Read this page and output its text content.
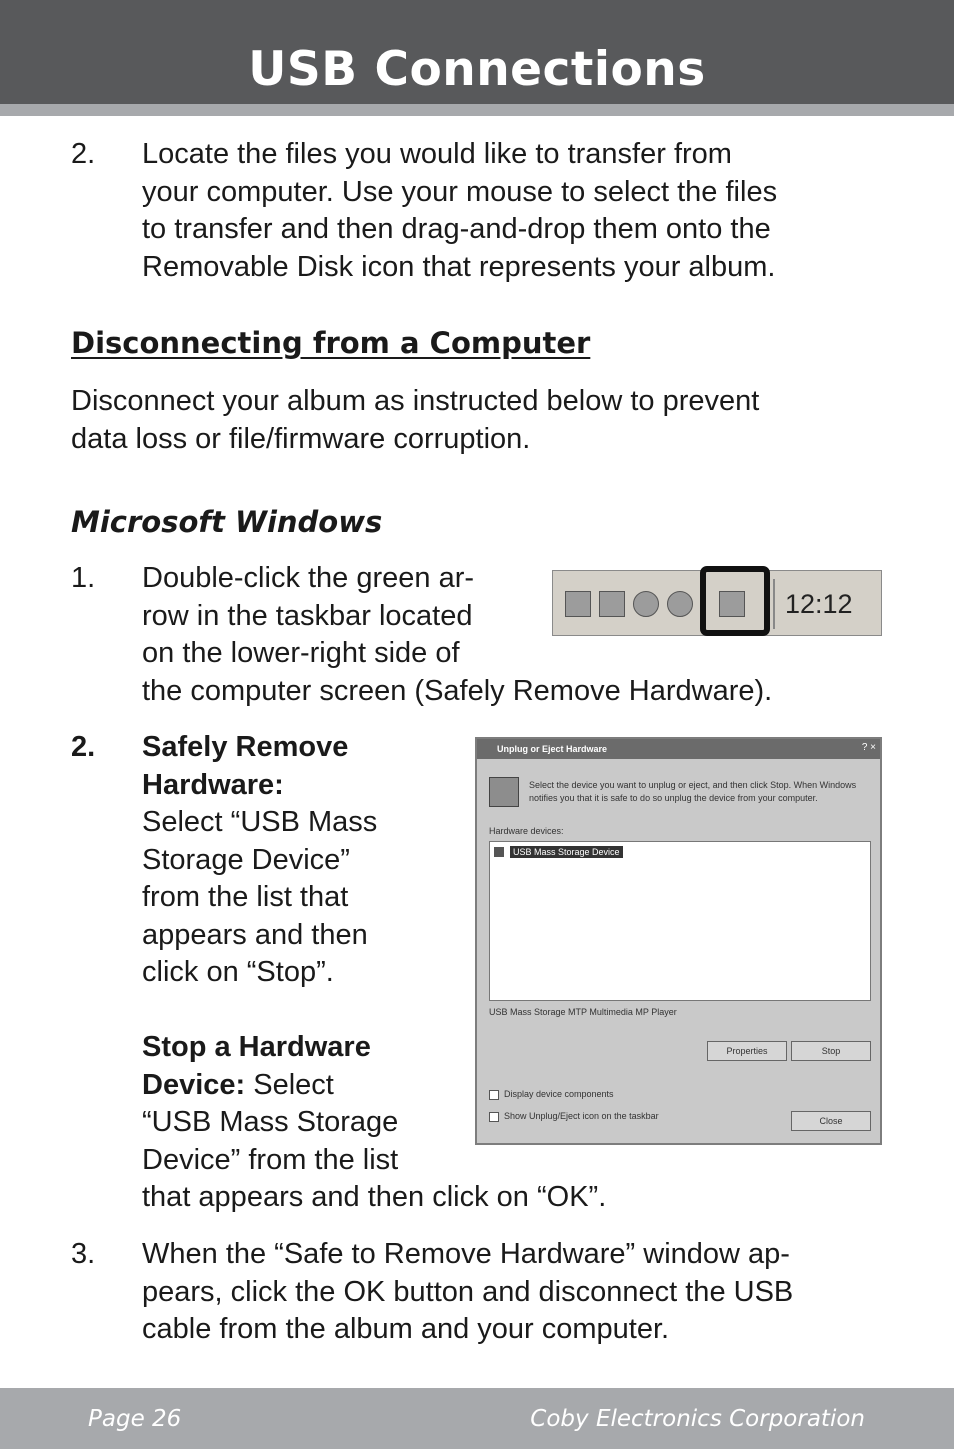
USB Connections
2. Locate the files you would like to transfer from
your computer. Use your mouse to select the files
to transfer and then drag-and-drop them onto the
Removable Disk icon that represents your album.
Disconnecting from a Computer
Disconnect your album as instructed below to prevent
data loss or file/firmware corruption.
Microsoft Windows
1. Double-click the green ar-
row in the taskbar located
on the lower-right side of
the computer screen (Safely Remove Hardware).
12:12
2. Safely Remove
Hardware:
Select “USB Mass
Storage Device”
from the list that
appears and then
click on “Stop”.
Stop a Hardware
Device: Select
“USB Mass Storage
Device” from the list
that appears and then click on “OK”.
Unplug or Eject Hardware	? ×
Select the device you want to unplug or eject, and then click Stop. When Windows notifies you that it is safe to do so unplug the device from your computer.
Hardware devices:
USB Mass Storage Device
USB Mass Storage MTP Multimedia MP Player
Properties	Stop
Display device components
Show Unplug/Eject icon on the taskbar	Close
3. When the “Safe to Remove Hardware” window ap-
pears, click the OK button and disconnect the USB
cable from the album and your computer.
Page 26	Coby Electronics Corporation
